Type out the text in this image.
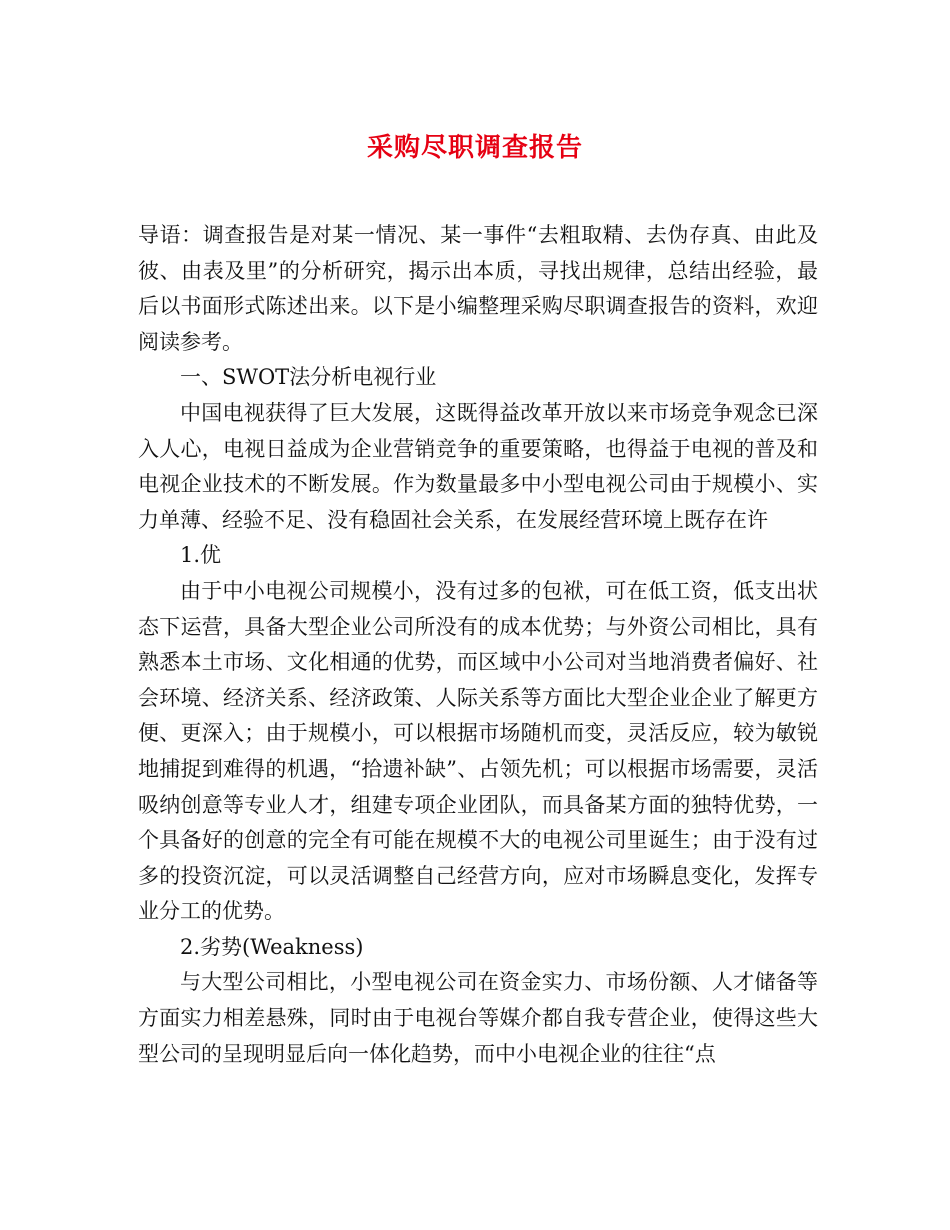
采购尽职调查报告

导语：调查报告是对某一情况、某一事件“去粗取精、去伪存真、由此及彼、由表及里”的分析研究，揭示出本质，寻找出规律，总结出经验，最后以书面形式陈述出来。以下是小编整理采购尽职调查报告的资料，欢迎阅读参考。

一、SWOT法分析电视行业

中国电视获得了巨大发展，这既得益改革开放以来市场竞争观念已深入人心，电视日益成为企业营销竞争的重要策略，也得益于电视的普及和电视企业技术的不断发展。作为数量最多中小型电视公司由于规模小、实力单薄、经验不足、没有稳固社会关系，在发展经营环境上既存在许

1.优

由于中小电视公司规模小，没有过多的包袱，可在低工资，低支出状态下运营，具备大型企业公司所没有的成本优势；与外资公司相比，具有熟悉本土市场、文化相通的优势，而区域中小公司对当地消费者偏好、社会环境、经济关系、经济政策、人际关系等方面比大型企业企业了解更方便、更深入；由于规模小，可以根据市场随机而变，灵活反应，较为敏锐地捕捉到难得的机遇，“拾遗补缺”、占领先机；可以根据市场需要，灵活吸纳创意等专业人才，组建专项企业团队，而具备某方面的独特优势，一个具备好的创意的完全有可能在规模不大的电视公司里诞生；由于没有过多的投资沉淀，可以灵活调整自己经营方向，应对市场瞬息变化，发挥专业分工的优势。

2.劣势(Weakness)

与大型公司相比，小型电视公司在资金实力、市场份额、人才储备等方面实力相差悬殊，同时由于电视台等媒介都自我专营企业，使得这些大型公司的呈现明显后向一体化趋势，而中小电视企业的往往“点
